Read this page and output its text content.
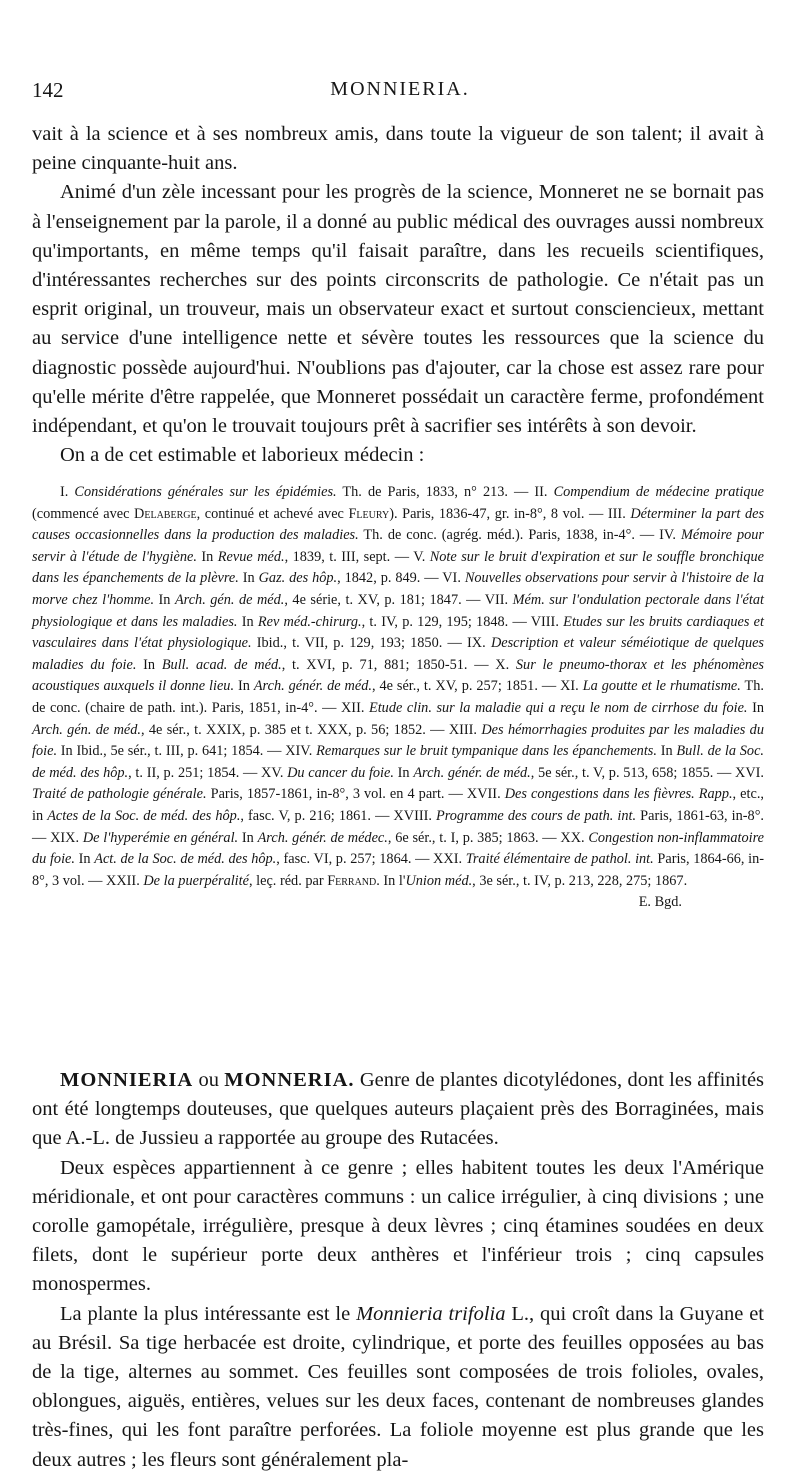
142	MONNIERIA.

vait à la science et à ses nombreux amis, dans toute la vigueur de son talent; il avait à peine cinquante-huit ans.

Animé d'un zèle incessant pour les progrès de la science, Monneret ne se bornait pas à l'enseignement par la parole, il a donné au public médical des ouvrages aussi nombreux qu'importants, en même temps qu'il faisait paraître, dans les recueils scientifiques, d'intéressantes recherches sur des points circonscrits de pathologie. Ce n'était pas un esprit original, un trouveur, mais un observateur exact et surtout consciencieux, mettant au service d'une intelligence nette et sévère toutes les ressources que la science du diagnostic possède aujourd'hui. N'oublions pas d'ajouter, car la chose est assez rare pour qu'elle mérite d'être rappelée, que Monneret possédait un caractère ferme, profondément indépendant, et qu'on le trouvait toujours prêt à sacrifier ses intérêts à son devoir.

On a de cet estimable et laborieux médecin :

I. Considérations générales sur les épidémies. Th. de Paris, 1833, n° 213. — II. Compendium de médecine pratique (commencé avec Delaberge, continué et achevé avec Fleury). Paris, 1836-47, gr. in-8°, 8 vol. — III. Déterminer la part des causes occasionnelles dans la production des maladies. Th. de conc. (agrég. méd.). Paris, 1838, in-4°. — IV. Mémoire pour servir à l'étude de l'hygiène. In Revue méd., 1839, t. III, sept. — V. Note sur le bruit d'expiration et sur le souffle bronchique dans les épanchements de la plèvre. In Gaz. des hôp., 1842, p. 849. — VI. Nouvelles observations pour servir à l'histoire de la morve chez l'homme. In Arch. gén. de méd., 4e série, t. XV, p. 181; 1847. — VII. Mém. sur l'ondulation pectorale dans l'état physiologique et dans les maladies. In Rev méd.-chirurg., t. IV, p. 129, 195; 1848. — VIII. Etudes sur les bruits cardiaques et vasculaires dans l'état physiologique. Ibid., t. VII, p. 129, 193; 1850. — IX. Description et valeur séméiotique de quelques maladies du foie. In Bull. acad. de méd., t. XVI, p. 71, 881; 1850-51. — X. Sur le pneumo-thorax et les phénomènes acoustiques auxquels il donne lieu. In Arch. génér. de méd., 4e sér., t. XV, p. 257; 1851. — XI. La goutte et le rhumatisme. Th. de conc. (chaire de path. int.). Paris, 1851, in-4°. — XII. Etude clin. sur la maladie qui a reçu le nom de cirrhose du foie. In Arch. gén. de méd., 4e sér., t. XXIX, p. 385 et t. XXX, p. 56; 1852. — XIII. Des hémorrhagies produites par les maladies du foie. In Ibid., 5e sér., t. III, p. 641; 1854. — XIV. Remarques sur le bruit tympanique dans les épanchements. In Bull. de la Soc. de méd. des hôp., t. II, p. 251; 1854. — XV. Du cancer du foie. In Arch. génér. de méd., 5e sér., t. V, p. 513, 658; 1855. — XVI. Traité de pathologie générale. Paris, 1857-1861, in-8°, 3 vol. en 4 part. — XVII. Des congestions dans les fièvres. Rapp., etc., in Actes de la Soc. de méd. des hôp., fasc. V, p. 216; 1861. — XVIII. Programme des cours de path. int. Paris, 1861-63, in-8°. — XIX. De l'hyperémie en général. In Arch. génér. de médec., 6e sér., t. I, p. 385; 1863. — XX. Congestion non-inflammatoire du foie. In Act. de la Soc. de méd. des hôp., fasc. VI, p. 257; 1864. — XXI. Traité élémentaire de pathol. int. Paris, 1864-66, in-8°, 3 vol. — XXII. De la puerpéralité, leç. réd. par Ferrand. In l'Union méd., 3e sér., t. IV, p. 213, 228, 275; 1867.

E. Bgd.

MONNIERIA ou MONNERIA. Genre de plantes dicotylédones, dont les affinités ont été longtemps douteuses, que quelques auteurs plaçaient près des Borraginées, mais que A.-L. de Jussieu a rapportée au groupe des Rutacées.

Deux espèces appartiennent à ce genre ; elles habitent toutes les deux l'Amérique méridionale, et ont pour caractères communs : un calice irrégulier, à cinq divisions ; une corolle gamopétale, irrégulière, presque à deux lèvres ; cinq étamines soudées en deux filets, dont le supérieur porte deux anthères et l'inférieur trois ; cinq capsules monospermes.

La plante la plus intéressante est le Monnieria trifolia L., qui croît dans la Guyane et au Brésil. Sa tige herbacée est droite, cylindrique, et porte des feuilles opposées au bas de la tige, alternes au sommet. Ces feuilles sont composées de trois folioles, ovales, oblongues, aiguës, entières, velues sur les deux faces, contenant de nombreuses glandes très-fines, qui les font paraître perforées. La foliole moyenne est plus grande que les deux autres ; les fleurs sont généralement pla-
